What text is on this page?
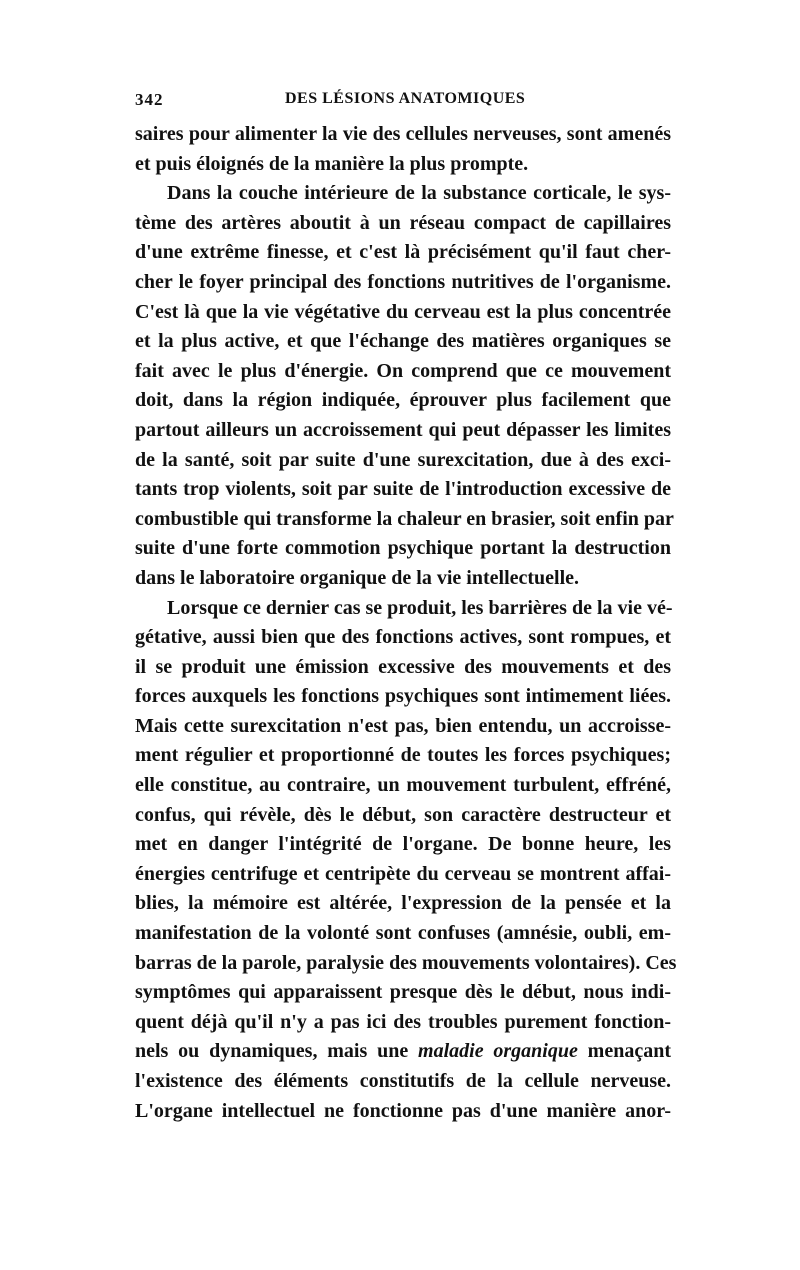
342	DES LÉSIONS ANATOMIQUES

saires pour alimenter la vie des cellules nerveuses, sont amenés
et puis éloignés de la manière la plus prompte.

Dans la couche intérieure de la substance corticale, le sys-
tème des artères aboutit à un réseau compact de capillaires
d'une extrême finesse, et c'est là précisément qu'il faut cher-
cher le foyer principal des fonctions nutritives de l'organisme.
C'est là que la vie végétative du cerveau est la plus concentrée
et la plus active, et que l'échange des matières organiques se
fait avec le plus d'énergie. On comprend que ce mouvement
doit, dans la région indiquée, éprouver plus facilement que
partout ailleurs un accroissement qui peut dépasser les limites
de la santé, soit par suite d'une surexcitation, due à des exci-
tants trop violents, soit par suite de l'introduction excessive de
combustible qui transforme la chaleur en brasier, soit enfin par
suite d'une forte commotion psychique portant la destruction
dans le laboratoire organique de la vie intellectuelle.

Lorsque ce dernier cas se produit, les barrières de la vie vé-
gétative, aussi bien que des fonctions actives, sont rompues, et
il se produit une émission excessive des mouvements et des
forces auxquels les fonctions psychiques sont intimement liées.
Mais cette surexcitation n'est pas, bien entendu, un accroisse-
ment régulier et proportionné de toutes les forces psychiques;
elle constitue, au contraire, un mouvement turbulent, effréné,
confus, qui révèle, dès le début, son caractère destructeur et
met en danger l'intégrité de l'organe. De bonne heure, les
énergies centrifuge et centripète du cerveau se montrent affai-
blies, la mémoire est altérée, l'expression de la pensée et la
manifestation de la volonté sont confuses (amnésie, oubli, em-
barras de la parole, paralysie des mouvements volontaires). Ces
symptômes qui apparaissent presque dès le début, nous indi-
quent déjà qu'il n'y a pas ici des troubles purement fonction-
nels ou dynamiques, mais une maladie organique menaçant
l'existence des éléments constitutifs de la cellule nerveuse.
L'organe intellectuel ne fonctionne pas d'une manière anor-
